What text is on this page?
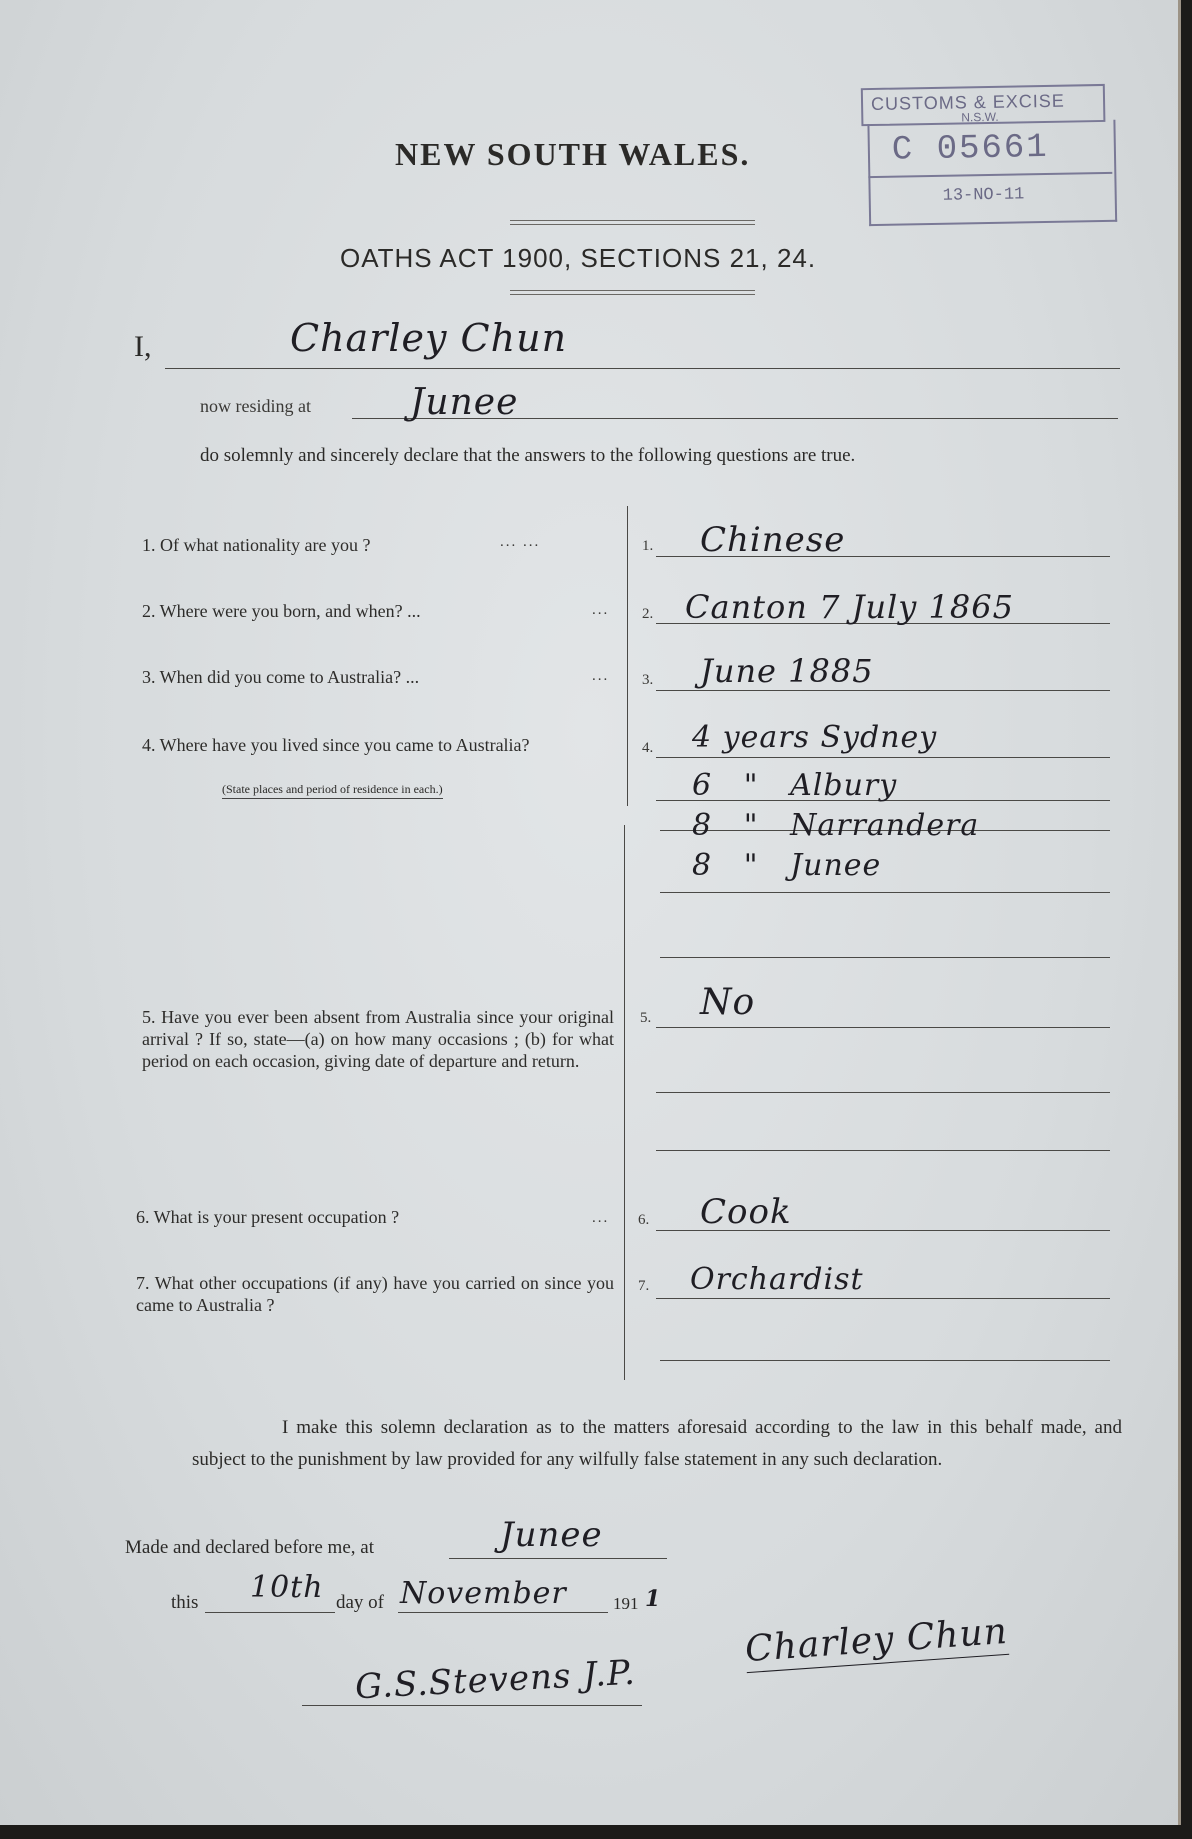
NEW SOUTH WALES.
OATHS ACT 1900, SECTIONS 21, 24.
CUSTOMS & EXCISE
N.S.W.
C 05661
13-NO-11
I,	Charley Chun
now residing at	Junee
do solemnly and sincerely declare that the answers to the following questions are true.
1. Of what nationality are you ?	... ...	1. Chinese
2. Where were you born, and when? ...	... 2. Canton 7 July 1865
3. When did you come to Australia? ...	... 3. June 1885
4. Where have you lived since you came to Australia?
(State places and period of residence in each.)
4. 4 years Sydney
6   "   Albury
8   "   Narrandera
8   "   Junee
5. Have you ever been absent from Australia since your original arrival ? If so, state—(a) on how many occasions ; (b) for what period on each occasion, giving date of departure and return.
5. No
6. What is your present occupation ?	... 6. Cook
7. What other occupations (if any) have you carried on since you came to Australia ?
7. Orchardist
I make this solemn declaration as to the matters aforesaid according to the law in this behalf made, and subject to the punishment by law provided for any wilfully false statement in any such declaration.
Made and declared before me, at	Junee
this 10th day of November	191 1
G.S.Stevens J.P.
Charley Chun
